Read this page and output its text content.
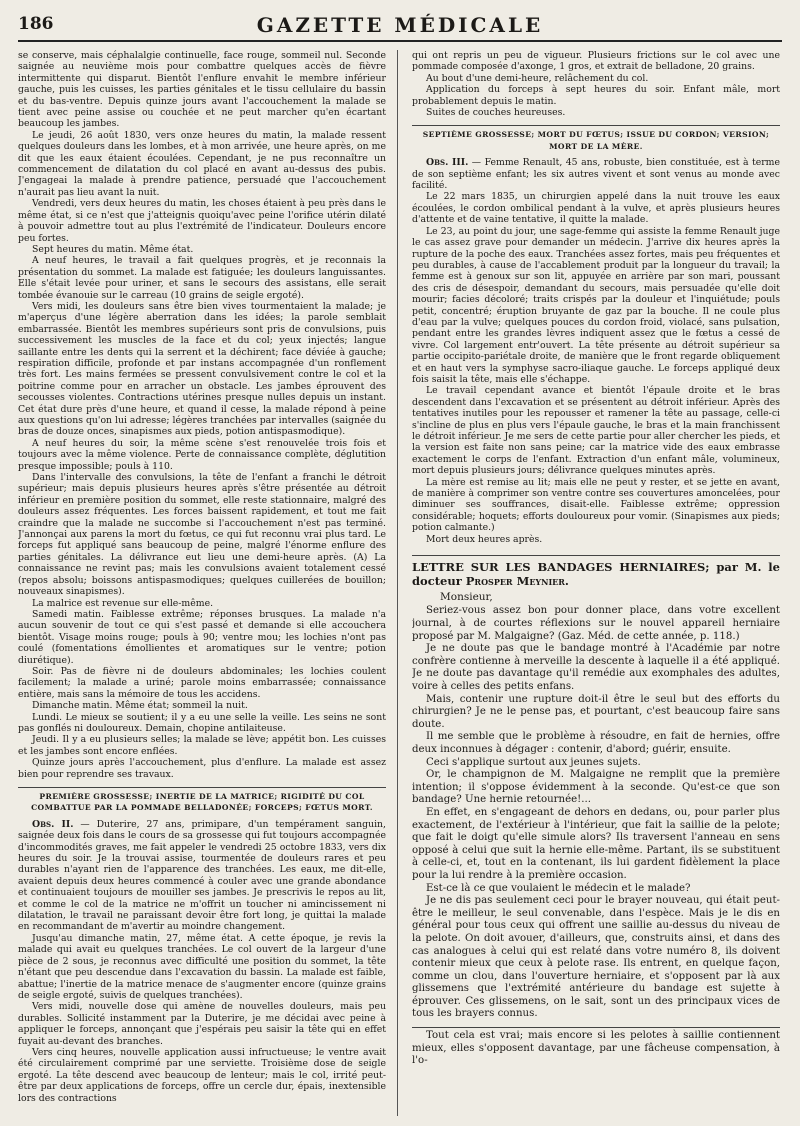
186	GAZETTE MÉDICALE

se conserve, mais céphalalgie continuelle, face rouge, sommeil nul. Seconde saignée au neuvième mois pour combattre quelques accès de fièvre intermittente qui disparut. Bientôt l'enflure envahit le membre inférieur gauche, puis les cuisses, les parties génitales et le tissu cellulaire du bassin et du bas-ventre. Depuis quinze jours avant l'accouchement la malade se tient avec peine assise ou couchée et ne peut marcher qu'en écartant beaucoup les jambes.

Le jeudi, 26 août 1830, vers onze heures du matin, la malade ressent quelques douleurs dans les lombes, et à mon arrivée, une heure après, on me dit que les eaux étaient écoulées. Cependant, je ne pus reconnaître un commencement de dilatation du col placé en avant au-dessus des pubis. J'engageai la malade à prendre patience, persuadé que l'accouchement n'aurait pas lieu avant la nuit.

Vendredi, vers deux heures du matin, les choses étaient à peu près dans le même état, si ce n'est que j'atteignis quoiqu'avec peine l'orifice utérin dilaté à pouvoir admettre tout au plus l'extrémité de l'indicateur. Douleurs encore peu fortes.

Sept heures du matin. Même état.

A neuf heures, le travail a fait quelques progrès, et je reconnais la présentation du sommet. La malade est fatiguée; les douleurs languissantes. Elle s'était levée pour uriner, et sans le secours des assistans, elle serait tombée évanouie sur le carreau (10 grains de seigle ergoté).

Vers midi, les douleurs sans être bien vives tourmentaient la malade; je m'aperçus d'une légère aberration dans les idées; la parole semblait embarrassée. Bientôt les membres supérieurs sont pris de convulsions, puis successivement les muscles de la face et du col; yeux injectés; langue saillante entre les dents qui la serrent et la déchirent; face déviée à gauche; respiration difficile, profonde et par instans accompagnée d'un ronflement très fort. Les mains fermées se pressent convulsivement contre le col et la poitrine comme pour en arracher un obstacle. Les jambes éprouvent des secousses violentes. Contractions utérines presque nulles depuis un instant. Cet état dure près d'une heure, et quand il cesse, la malade répond à peine aux questions qu'on lui adresse; légères tranchées par intervalles (saignée du bras de douze onces, sinapismes aux pieds, potion antispasmodique).

A neuf heures du soir, la même scène s'est renouvelée trois fois et toujours avec la même violence. Perte de connaissance complète, déglutition presque impossible; pouls à 110.

Dans l'intervalle des convulsions, la tête de l'enfant a franchi le détroit supérieur; mais depuis plusieurs heures après s'être présentée au détroit inférieur en première position du sommet, elle reste stationnaire, malgré des douleurs assez fréquentes. Les forces baissent rapidement, et tout me fait craindre que la malade ne succombe si l'accouchement n'est pas terminé. J'annonçai aux parens la mort du fœtus, ce qui fut reconnu vrai plus tard. Le forceps fut appliqué sans beaucoup de peine, malgré l'énorme enflure des parties génitales. La délivrance eut lieu une demi-heure après. (A) La connaissance ne revint pas; mais les convulsions avaient totalement cessé (repos absolu; boissons antispasmodiques; quelques cuillerées de bouillon; nouveaux sinapismes).

La malrice est revenue sur elle-même.

Samedi matin. Faiblesse extrême; réponses brusques. La malade n'a aucun souvenir de tout ce qui s'est passé et demande si elle accouchera bientôt. Visage moins rouge; pouls à 90; ventre mou; les lochies n'ont pas coulé (fomentations émollientes et aromatiques sur le ventre; potion diurétique).

Soir. Pas de fièvre ni de douleurs abdominales; les lochies coulent facilement; la malade a uriné; parole moins embarrassée; connaissance entière, mais sans la mémoire de tous les accidens.

Dimanche matin. Même état; sommeil la nuit.

Lundi. Le mieux se soutient; il y a eu une selle la veille. Les seins ne sont pas gonflés ni douloureux. Demain, chopine antilaiteuse.

Jeudi. Il y a eu plusieurs selles; la malade se lève; appétit bon. Les cuisses et les jambes sont encore enflées.

Quinze jours après l'accouchement, plus d'enflure. La malade est assez bien pour reprendre ses travaux.

PREMIÈRE GROSSESSE; INERTIE DE LA MATRICE; RIGIDITÉ DU COL COMBATTUE PAR LA POMMADE BELLADONÉE; FORCEPS; FŒTUS MORT.

Obs. II. — Duterire, 27 ans, primipare, d'un tempérament sanguin, saignée deux fois dans le cours de sa grossesse qui fut toujours accompagnée d'incommodités graves, me fait appeler le vendredi 25 octobre 1833, vers dix heures du soir. Je la trouvai assise, tourmentée de douleurs rares et peu durables n'ayant rien de l'apparence des tranchées. Les eaux, me dit-elle, avaient depuis deux heures commencé à couler avec une grande abondance et continuaient toujours de mouiller ses jambes. Je prescrivis le repos au lit, et comme le col de la matrice ne m'offrit un toucher ni amincissement ni dilatation, le travail ne paraissant devoir être fort long, je quittai la malade en recommandant de m'avertir au moindre changement.

Jusqu'au dimanche matin, 27, même état. A cette époque, je revis la malade qui avait eu quelques tranchées. Le col ouvert de la largeur d'une pièce de 2 sous, je reconnus avec difficulté une position du sommet, la tête n'étant que peu descendue dans l'excavation du bassin. La malade est faible, abattue; l'inertie de la matrice menace de s'augmenter encore (quinze grains de seigle ergoté, suivis de quelques tranchées).

Vers midi, nouvelle dose qui amène de nouvelles douleurs, mais peu durables. Sollicité instamment par la Duterire, je me décidai avec peine à appliquer le forceps, annonçant que j'espérais peu saisir la tête qui en effet fuyait au-devant des branches.

Vers cinq heures, nouvelle application aussi infructueuse; le ventre avait été circulairement comprimé par une serviette. Troisième dose de seigle ergoté. La tête descend avec beaucoup de lenteur; mais le col, irrité peut-être par deux applications de forceps, offre un cercle dur, épais, inextensible lors des contractions

qui ont repris un peu de vigueur. Plusieurs frictions sur le col avec une pommade composée d'axonge, 1 gros, et extrait de belladone, 20 grains.

Au bout d'une demi-heure, relâchement du col.

Application du forceps à sept heures du soir. Enfant mâle, mort probablement depuis le matin.

Suites de couches heureuses.

SEPTIÈME GROSSESSE; MORT DU FŒTUS; ISSUE DU CORDON; VERSION; MORT DE LA MÈRE.

Obs. III. — Femme Renault, 45 ans, robuste, bien constituée, est à terme de son septième enfant; les six autres vivent et sont venus au monde avec facilité.

Le 22 mars 1835, un chirurgien appelé dans la nuit trouve les eaux écoulées, le cordon ombilical pendant à la vulve, et après plusieurs heures d'attente et de vaine tentative, il quitte la malade.

Le 23, au point du jour, une sage-femme qui assiste la femme Renault juge le cas assez grave pour demander un médecin. J'arrive dix heures après la rupture de la poche des eaux. Tranchées assez fortes, mais peu fréquentes et peu durables, à cause de l'accablement produit par la longueur du travail; la femme est à genoux sur son lit, appuyée en arrière par son mari, poussant des cris de désespoir, demandant du secours, mais persuadée qu'elle doit mourir; facies décoloré; traits crispés par la douleur et l'inquiétude; pouls petit, concentré; éruption bruyante de gaz par la bouche. Il ne coule plus d'eau par la vulve; quelques pouces du cordon froid, violacé, sans pulsation, pendant entre les grandes lèvres indiquent assez que le fœtus a cessé de vivre. Col largement entr'ouvert. La tête présente au détroit supérieur sa partie occipito-pariétale droite, de manière que le front regarde obliquement et en haut vers la symphyse sacro-iliaque gauche. Le forceps appliqué deux fois saisit la tête, mais elle s'échappe.

Le travail cependant avance et bientôt l'épaule droite et le bras descendent dans l'excavation et se présentent au détroit inférieur. Après des tentatives inutiles pour les repousser et ramener la tête au passage, celle-ci s'incline de plus en plus vers l'épaule gauche, le bras et la main franchissent le détroit inférieur. Je me sers de cette partie pour aller chercher les pieds, et la version est faite non sans peine; car la matrice vide des eaux embrasse exactement le corps de l'enfant. Extraction d'un enfant mâle, volumineux, mort depuis plusieurs jours; délivrance quelques minutes après.

La mère est remise au lit; mais elle ne peut y rester, et se jette en avant, de manière à comprimer son ventre contre ses couvertures amoncelées, pour diminuer ses souffrances, disait-elle. Faiblesse extrême; oppression considérable; hoquets; efforts douloureux pour vomir. (Sinapismes aux pieds; potion calmante.)

Mort deux heures après.

LETTRE SUR LES BANDAGES HERNIAIRES; par M. le docteur Prosper Meynier.

Monsieur,

Seriez-vous assez bon pour donner place, dans votre excellent journal, à de courtes réflexions sur le nouvel appareil herniaire proposé par M. Malgaigne? (Gaz. Méd. de cette année, p. 118.)

Je ne doute pas que le bandage montré à l'Académie par notre confrère contienne à merveille la descente à laquelle il a été appliqué. Je ne doute pas davantage qu'il remédie aux exomphales des adultes, voire à celles des petits enfans.

Mais, contenir une rupture doit-il être le seul but des efforts du chirurgien? Je ne le pense pas, et pourtant, c'est beaucoup faire sans doute.

Il me semble que le problème à résoudre, en fait de hernies, offre deux inconnues à dégager : contenir, d'abord; guérir, ensuite.

Ceci s'applique surtout aux jeunes sujets.

Or, le champignon de M. Malgaigne ne remplit que la première intention; il s'oppose évidemment à la seconde. Qu'est-ce que son bandage? Une hernie retournée!...

En effet, en s'engageant de dehors en dedans, ou, pour parler plus exactement, de l'extérieur à l'intérieur, que fait la saillie de la pelote; que fait le doigt qu'elle simule alors? Ils traversent l'anneau en sens opposé à celui que suit la hernie elle-même. Partant, ils se substituent à celle-ci, et, tout en la contenant, ils lui gardent fidèlement la place pour la lui rendre à la première occasion.

Est-ce là ce que voulaient le médecin et le malade?

Je ne dis pas seulement ceci pour le brayer nouveau, qui était peut-être le meilleur, le seul convenable, dans l'espèce. Mais je le dis en général pour tous ceux qui offrent une saillie au-dessus du niveau de la pelote. On doit avouer, d'ailleurs, que, construits ainsi, et dans des cas analogues à celui qui est relaté dans votre numéro 8, ils doivent contenir mieux que ceux à pelote rase. Ils entrent, en quelque façon, comme un clou, dans l'ouverture herniaire, et s'opposent par là aux glissemens que l'extrémité antérieure du bandage est sujette à éprouver. Ces glissemens, on le sait, sont un des principaux vices de tous les brayers connus.

Tout cela est vrai; mais encore si les pelotes à saillie contiennent mieux, elles s'opposent davantage, par une fâcheuse compensation, à l'o-
